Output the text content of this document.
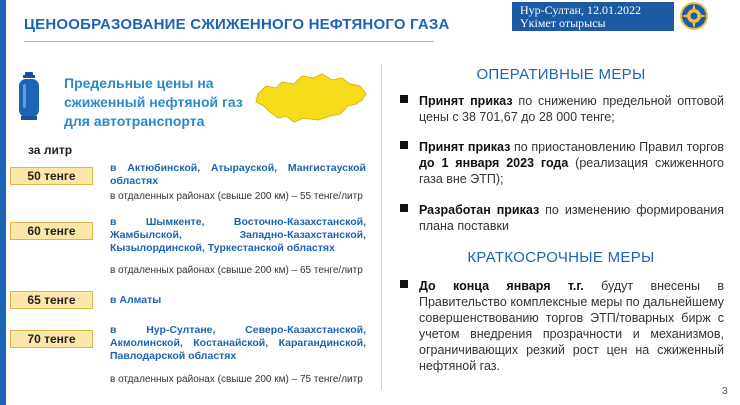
ЦЕНООБРАЗОВАНИЕ СЖИЖЕННОГО НЕФТЯНОГО ГАЗА
Нур-Султан, 12.01.2022
Үкімет отырысы
Предельные цены на сжиженный нефтяной газ для автотранспорта
за литр
50 тенге
в Актюбинской, Атырауской, Мангистауской областях
в отдаленных районах (свыше 200 км) – 55 тенге/литр
60 тенге
в Шымкенте, Восточно-Казахстанской, Жамбылской, Западно-Казахстанской, Кызылординской, Туркестанской областях
в отдаленных районах (свыше 200 км) – 65 тенге/литр
65 тенге	в Алматы
70 тенге
в Нур-Султане, Северо-Казахстанской, Акмолинской, Костанайской, Карагандинской, Павлодарской областях
в отдаленных районах (свыше 200 км) – 75 тенге/литр
ОПЕРАТИВНЫЕ МЕРЫ
Принят приказ по снижению предельной оптовой цены с 38 701,67 до 28 000 тенге;
Принят приказ по приостановлению Правил торгов до 1 января 2023 года (реализация сжиженного газа вне ЭТП);
Разработан приказ по изменению формирования плана поставки
КРАТКОСРОЧНЫЕ МЕРЫ
До конца января т.г. будут внесены в Правительство комплексные меры по дальнейшему совершенствованию торгов ЭТП/товарных бирж с учетом внедрения прозрачности и механизмов, ограничивающих резкий рост цен на сжиженный нефтяной газ.
3
